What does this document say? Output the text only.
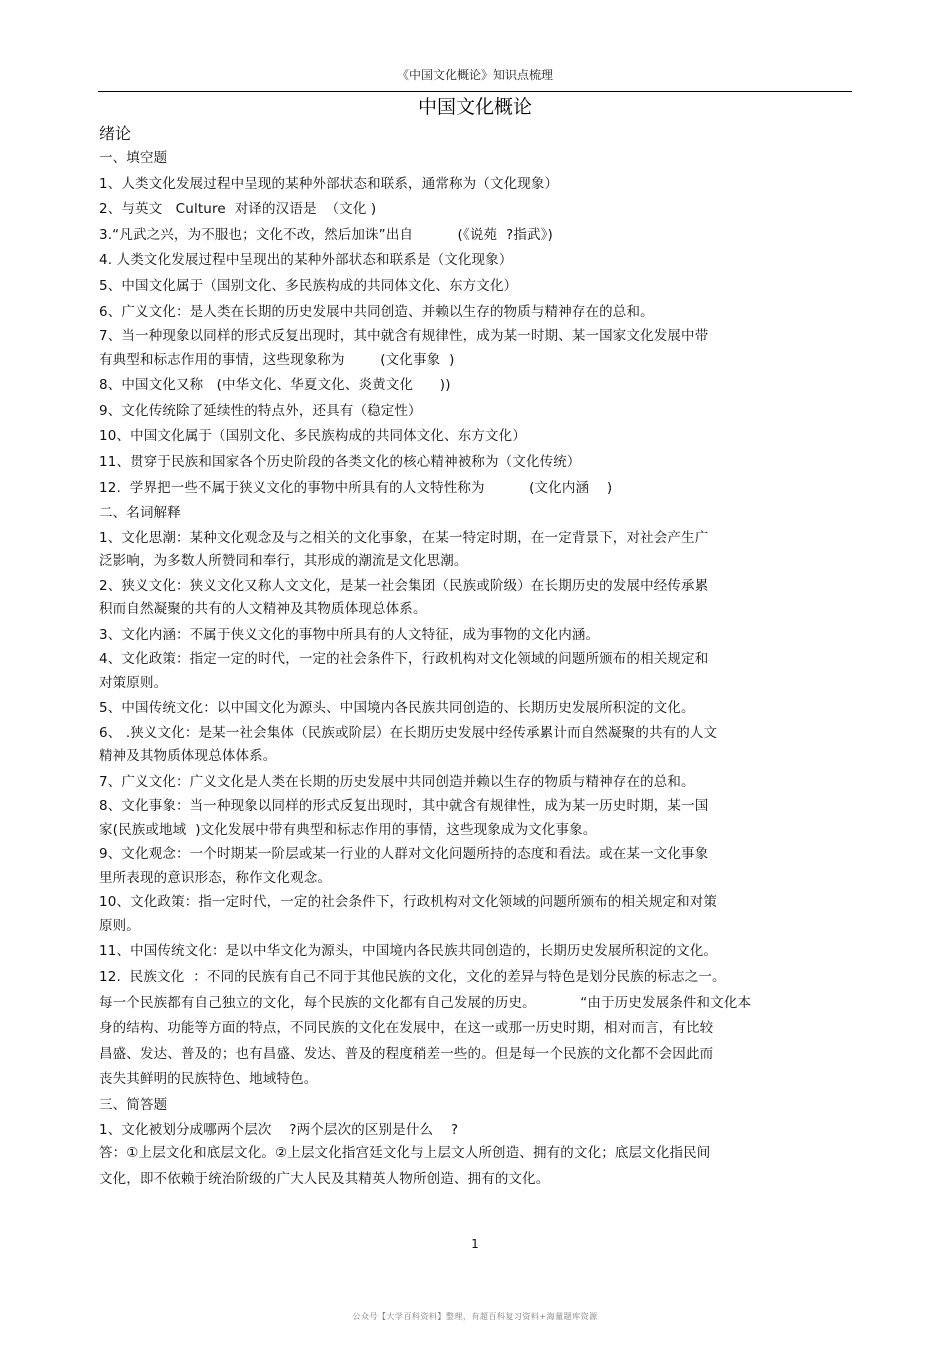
《中国文化概论》知识点梳理
中国文化概论
绪论
一、填空题
1、人类文化发展过程中呈现的某种外部状态和联系，通常称为（文化现象）
2、与英文   Culture  对译的汉语是  （文化 )
3.“凡武之兴，为不服也；文化不改，然后加诛”出自          (《说苑  ?指武》)
4. 人类文化发展过程中呈现出的某种外部状态和联系是（文化现象）
5、中国文化属于（国别文化、多民族构成的共同体文化、东方文化）
6、广义文化：是人类在长期的历史发展中共同创造、并赖以生存的物质与精神存在的总和。
7、当一种现象以同样的形式反复出现时，其中就含有规律性，成为某一时期、某一国家文化发展中带
有典型和标志作用的事情，这些现象称为        (文化事象  )
8、中国文化又称   (中华文化、华夏文化、炎黄文化      ))
9、文化传统除了延续性的特点外，还具有（稳定性）
10、中国文化属于（国别文化、多民族构成的共同体文化、东方文化）
11、贯穿于民族和国家各个历史阶段的各类文化的核心精神被称为（文化传统）
12.  学界把一些不属于狭义文化的事物中所具有的人文特性称为          (文化内涵    )
二、名词解释
1、文化思潮：某种文化观念及与之相关的文化事象，在某一特定时期，在一定背景下，对社会产生广
泛影响，为多数人所赞同和奉行，其形成的潮流是文化思潮。
2、狭义文化：狭义文化又称人文文化，是某一社会集团（民族或阶级）在长期历史的发展中经传承累
积而自然凝聚的共有的人文精神及其物质体现总体系。
3、文化内涵：不属于侠义文化的事物中所具有的人文特征，成为事物的文化内涵。
4、文化政策：指定一定的时代，一定的社会条件下，行政机构对文化领域的问题所颁布的相关规定和
对策原则。
5、中国传统文化：以中国文化为源头、中国境内各民族共同创造的、长期历史发展所积淀的文化。
6、 .狭义文化：是某一社会集体（民族或阶层）在长期历史发展中经传承累计而自然凝聚的共有的人文
精神及其物质体现总体体系。
7、广义文化：广义文化是人类在长期的历史发展中共同创造并赖以生存的物质与精神存在的总和。
8、文化事象：当一种现象以同样的形式反复出现时，其中就含有规律性，成为某一历史时期，某一国
家(民族或地域  )文化发展中带有典型和标志作用的事情，这些现象成为文化事象。
9、文化观念：一个时期某一阶层或某一行业的人群对文化问题所持的态度和看法。或在某一文化事象
里所表现的意识形态，称作文化观念。
10、文化政策：指一定时代，一定的社会条件下，行政机构对文化领域的问题所颁布的相关规定和对策
原则。
11、中国传统文化：是以中华文化为源头，中国境内各民族共同创造的，长期历史发展所积淀的文化。
12.  民族文化  ：不同的民族有自己不同于其他民族的文化，文化的差异与特色是划分民族的标志之一。
每一个民族都有自己独立的文化，每个民族的文化都有自己发展的历史。          “由于历史发展条件和文化本
身的结构、功能等方面的特点，不同民族的文化在发展中，在这一或那一历史时期，相对而言，有比较
昌盛、发达、普及的；也有昌盛、发达、普及的程度稍差一些的。但是每一个民族的文化都不会因此而
丧失其鲜明的民族特色、地域特色。
三、简答题
1、文化被划分成哪两个层次    ?两个层次的区别是什么    ?
答：①上层文化和底层文化。②上层文化指宫廷文化与上层文人所创造、拥有的文化；底层文化指民间
文化，即不依赖于统治阶级的广大人民及其精英人物所创造、拥有的文化。
1
公众号【大学百科资料】整理，有超百科复习资料+海量题库资源
